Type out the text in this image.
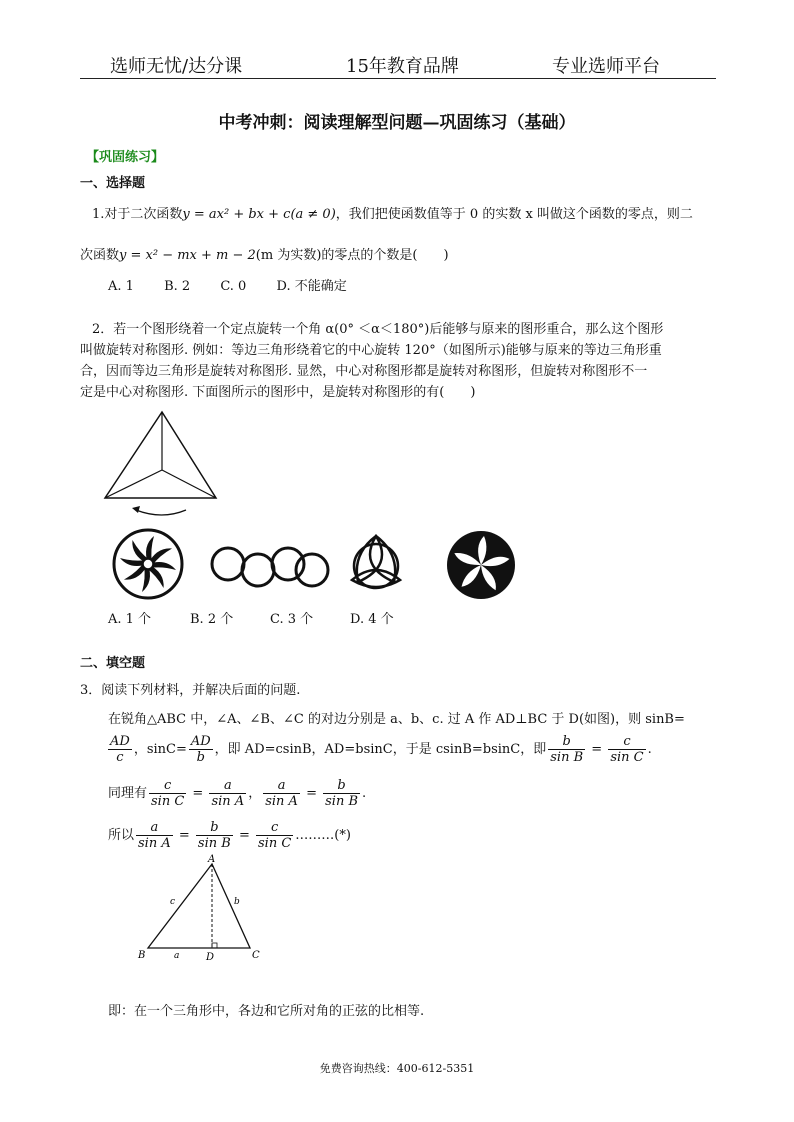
选师无忧/达分课	15年教育品牌	专业选师平台
中考冲刺：阅读理解型问题—巩固练习（基础）
【巩固练习】
一、选择题
1.对于二次函数y = ax² + bx + c(a ≠ 0)，我们把使函数值等于 0 的实数 x 叫做这个函数的零点，则二
次函数y = x² − mx + m − 2(m 为实数)的零点的个数是(　　)
A. 1 B. 2 C. 0 D. 不能确定
2．若一个图形绕着一个定点旋转一个角 α(0° ＜α＜180°)后能够与原来的图形重合，那么这个图形
叫做旋转对称图形. 例如：等边三角形绕着它的中心旋转 120°（如图所示)能够与原来的等边三角形重
合，因而等边三角形是旋转对称图形. 显然，中心对称图形都是旋转对称图形，但旋转对称图形不一
定是中心对称图形. 下面图所示的图形中，是旋转对称图形的有(　　)
A. 1 个	B. 2 个	C. 3 个	D. 4 个
二、填空题
3．阅读下列材料，并解决后面的问题.
在锐角△ABC 中，∠A、∠B、∠C 的对边分别是 a、b、c. 过 A 作 AD⊥BC 于 D(如图)，则 sinB=
$\frac{AD}{c}$ ，$\sin C= \frac{AD}{b}$ ，即 AD=csinB，AD=bsinC，于是 csinB=bsinC，即 $\frac{b}{\text{sin B}} = \frac{c}{\text{sin C}}$ .
同理有 $\frac{c}{\text{sin C}} = \frac{a}{\text{sin A}}$ ， $\frac{a}{\text{sin A}} = \frac{b}{\text{sin B}}$ .
所以 $\frac{a}{\text{sin A}} = \frac{b}{\text{sin B}} = \frac{c}{\text{sin C}}$ ………(*)
A
B	C
D
a
b
c
即：在一个三角形中，各边和它所对角的正弦的比相等.
免费咨询热线：400-612-5351
